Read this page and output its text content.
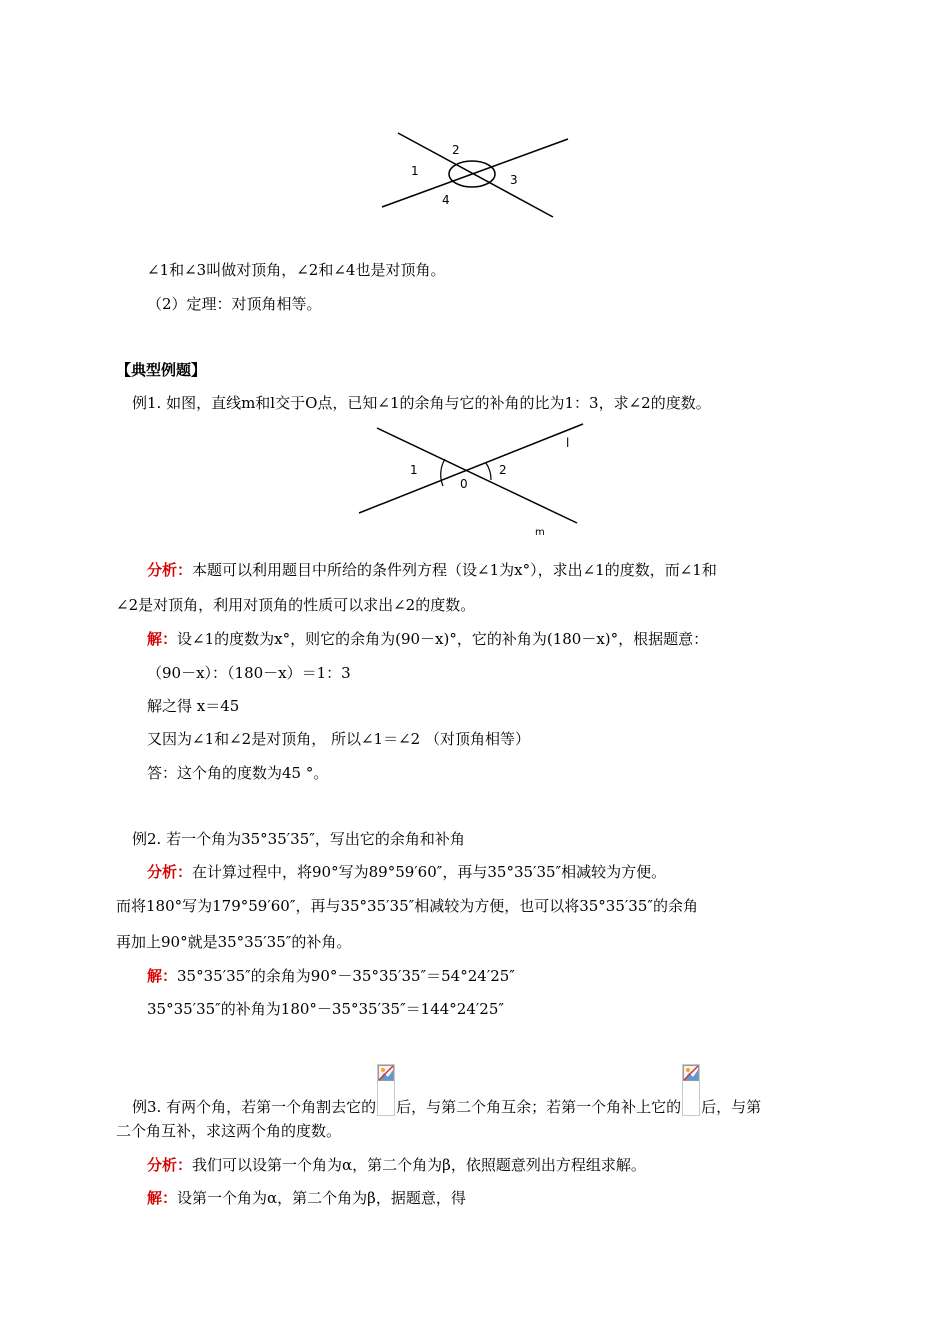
1
2
3
4
∠1和∠3叫做对顶角，∠2和∠4也是对顶角。
（2）定理：对顶角相等。
【典型例题】
例1. 如图，直线m和l交于O点，已知∠1的余角与它的补角的比为1：3，求∠2的度数。
1	2
0
l
m
分析：本题可以利用题目中所给的条件列方程（设∠1为x°），求出∠1的度数，而∠1和
∠2是对顶角，利用对顶角的性质可以求出∠2的度数。
解：设∠1的度数为x°，则它的余角为(90－x)°，它的补角为(180－x)°，根据题意：
（90－x）：（180－x）＝1：3
解之得 x＝45
又因为∠1和∠2是对顶角， 所以∠1＝∠2 （对顶角相等）
答：这个角的度数为45 °。
例2. 若一个角为35°35′35″，写出它的余角和补角
分析：在计算过程中，将90°写为89°59′60″，再与35°35′35″相减较为方便。
而将180°写为179°59′60″，再与35°35′35″相减较为方便，也可以将35°35′35″的余角
再加上90°就是35°35′35″的补角。
解：35°35′35″的余角为90°－35°35′35″＝54°24′25″
35°35′35″的补角为180°－35°35′35″＝144°24′25″
例3. 有两个角，若第一个角割去它的 后，与第二个角互余；若第一个角补上它的 后，与第
二个角互补，求这两个角的度数。
分析：我们可以设第一个角为α，第二个角为β，依照题意列出方程组求解。
解：设第一个角为α，第二个角为β，据题意，得
